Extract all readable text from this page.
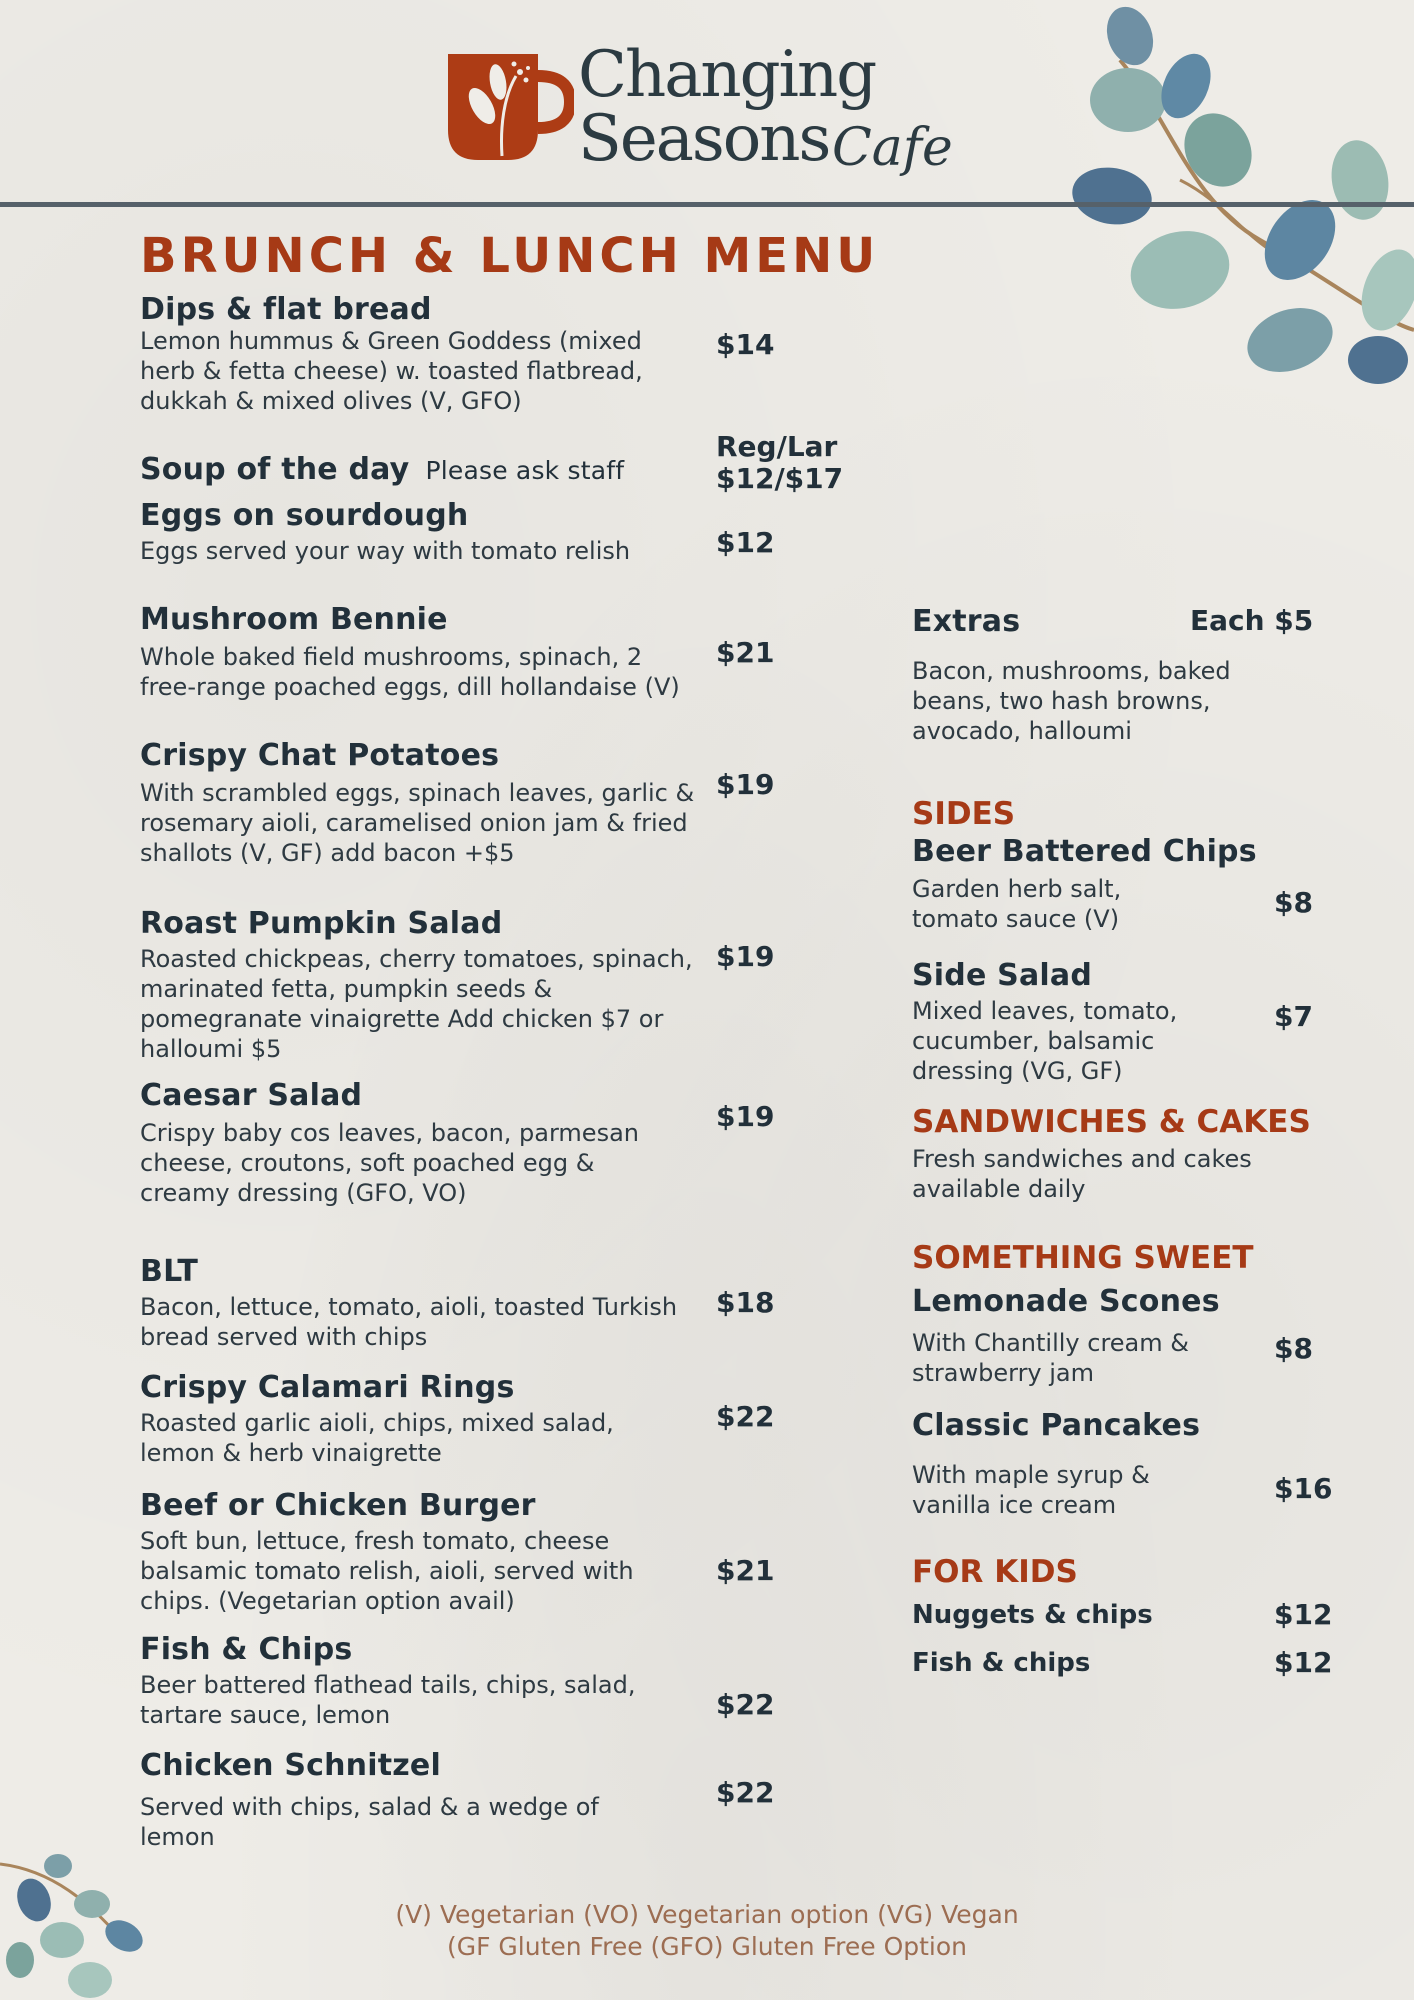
Changing
Seasons Cafe
BRUNCH & LUNCH MENU
Dips & flat bread
Lemon hummus & Green Goddess (mixed herb & fetta cheese) w. toasted flatbread, dukkah & mixed olives (V, GFO)
$14
Soup of the day Please ask staff
Reg/Lar
$12/$17
Eggs on sourdough
Eggs served your way with tomato relish	$12
Mushroom Bennie
Whole baked field mushrooms, spinach, 2 free-range poached eggs, dill hollandaise (V)
$21
Crispy Chat Potatoes
With scrambled eggs, spinach leaves, garlic & rosemary aioli, caramelised onion jam & fried shallots (V, GF) add bacon +$5
$19
Roast Pumpkin Salad
Roasted chickpeas, cherry tomatoes, spinach, marinated fetta, pumpkin seeds & pomegranate vinaigrette Add chicken $7 or halloumi $5
$19
Caesar Salad
Crispy baby cos leaves, bacon, parmesan cheese, croutons, soft poached egg & creamy dressing (GFO, VO)
$19
BLT
Bacon, lettuce, tomato, aioli, toasted Turkish bread served with chips
$18
Crispy Calamari Rings
Roasted garlic aioli, chips, mixed salad, lemon & herb vinaigrette
$22
Beef or Chicken Burger
Soft bun, lettuce, fresh tomato, cheese balsamic tomato relish, aioli, served with chips. (Vegetarian option avail)
$21
Fish & Chips
Beer battered flathead tails, chips, salad, tartare sauce, lemon	$22
Chicken Schnitzel
Served with chips, salad & a wedge of lemon
$22
Extras	Each $5
Bacon, mushrooms, baked beans, two hash browns, avocado, halloumi
SIDES
Beer Battered Chips
Garden herb salt, tomato sauce (V)	$8
Side Salad
Mixed leaves, tomato, cucumber, balsamic dressing (VG, GF)
$7
SANDWICHES & CAKES
Fresh sandwiches and cakes available daily
SOMETHING SWEET
Lemonade Scones
With Chantilly cream & strawberry jam
$8
Classic Pancakes
With maple syrup & vanilla ice cream	$16
FOR KIDS
Nuggets & chips	$12
Fish & chips	$12
(V) Vegetarian (VO) Vegetarian option (VG) Vegan
(GF Gluten Free (GFO) Gluten Free Option
